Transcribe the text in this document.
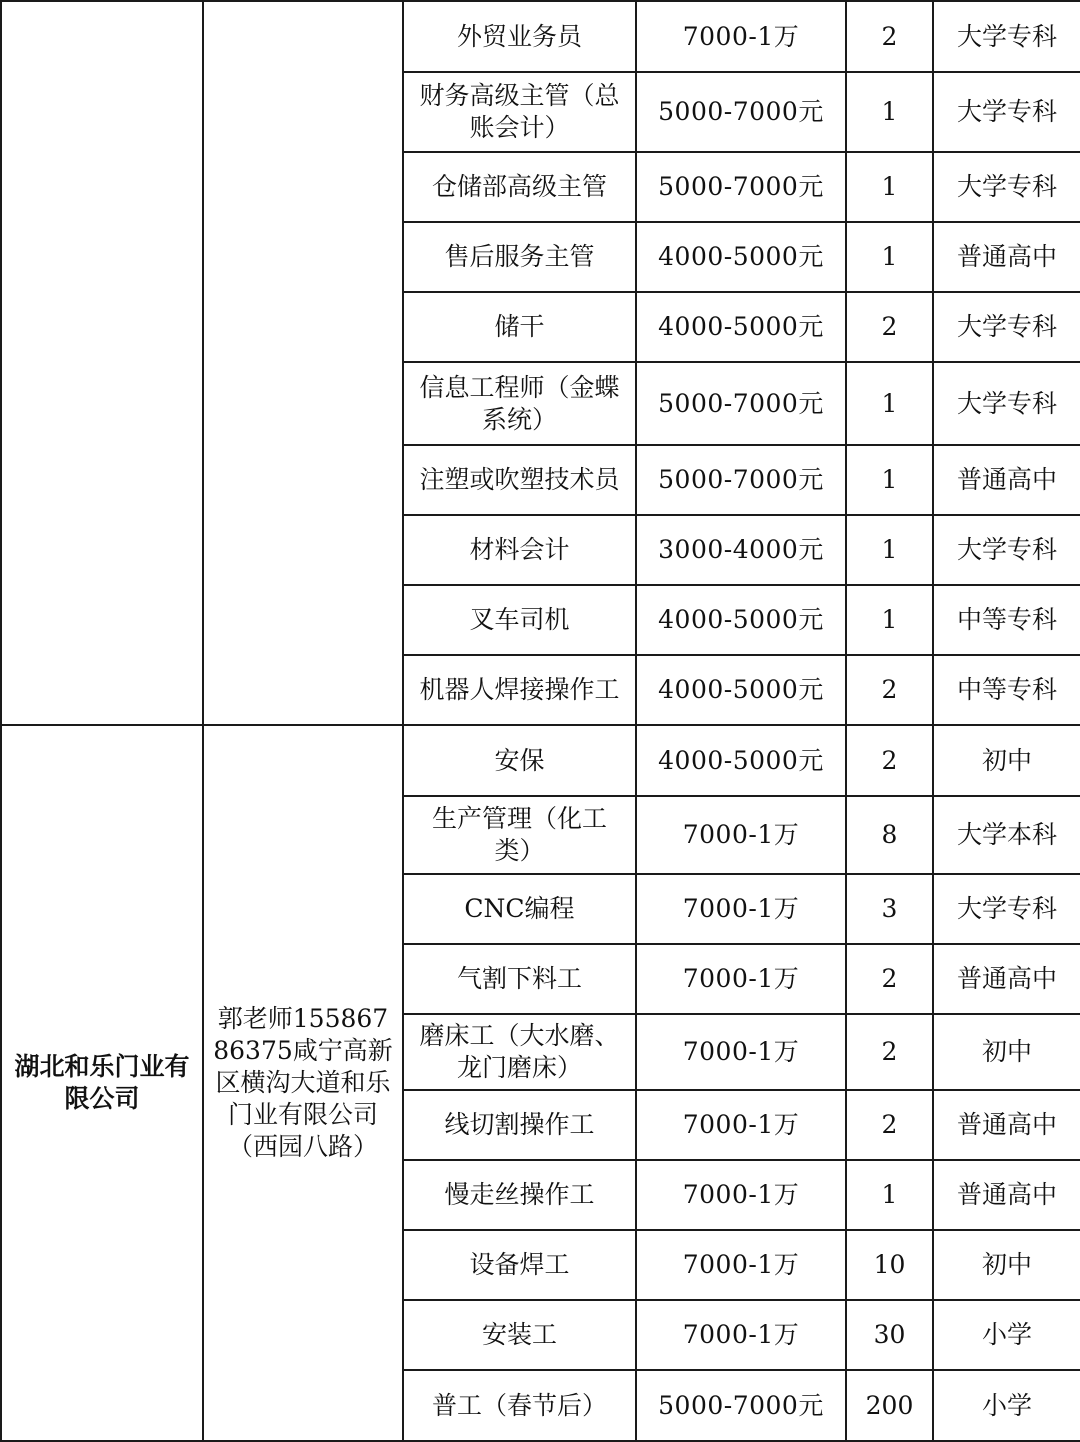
		外贸业务员	7000-1万	2	大学专科
		财务高级主管（总账会计）	5000-7000元	1	大学专科
		仓储部高级主管	5000-7000元	1	大学专科
		售后服务主管	4000-5000元	1	普通高中
		储干	4000-5000元	2	大学专科
		信息工程师（金蝶系统）	5000-7000元	1	大学专科
		注塑或吹塑技术员	5000-7000元	1	普通高中
		材料会计	3000-4000元	1	大学专科
		叉车司机	4000-5000元	1	中等专科
		机器人焊接操作工	4000-5000元	2	中等专科
湖北和乐门业有限公司	郭老师15586786375咸宁高新区横沟大道和乐门业有限公司（西园八路）	安保	4000-5000元	2	初中
		生产管理（化工类）	7000-1万	8	大学本科
		CNC编程	7000-1万	3	大学专科
		气割下料工	7000-1万	2	普通高中
		磨床工（大水磨、龙门磨床）	7000-1万	2	初中
		线切割操作工	7000-1万	2	普通高中
		慢走丝操作工	7000-1万	1	普通高中
		设备焊工	7000-1万	10	初中
		安装工	7000-1万	30	小学
		普工（春节后）	5000-7000元	200	小学
